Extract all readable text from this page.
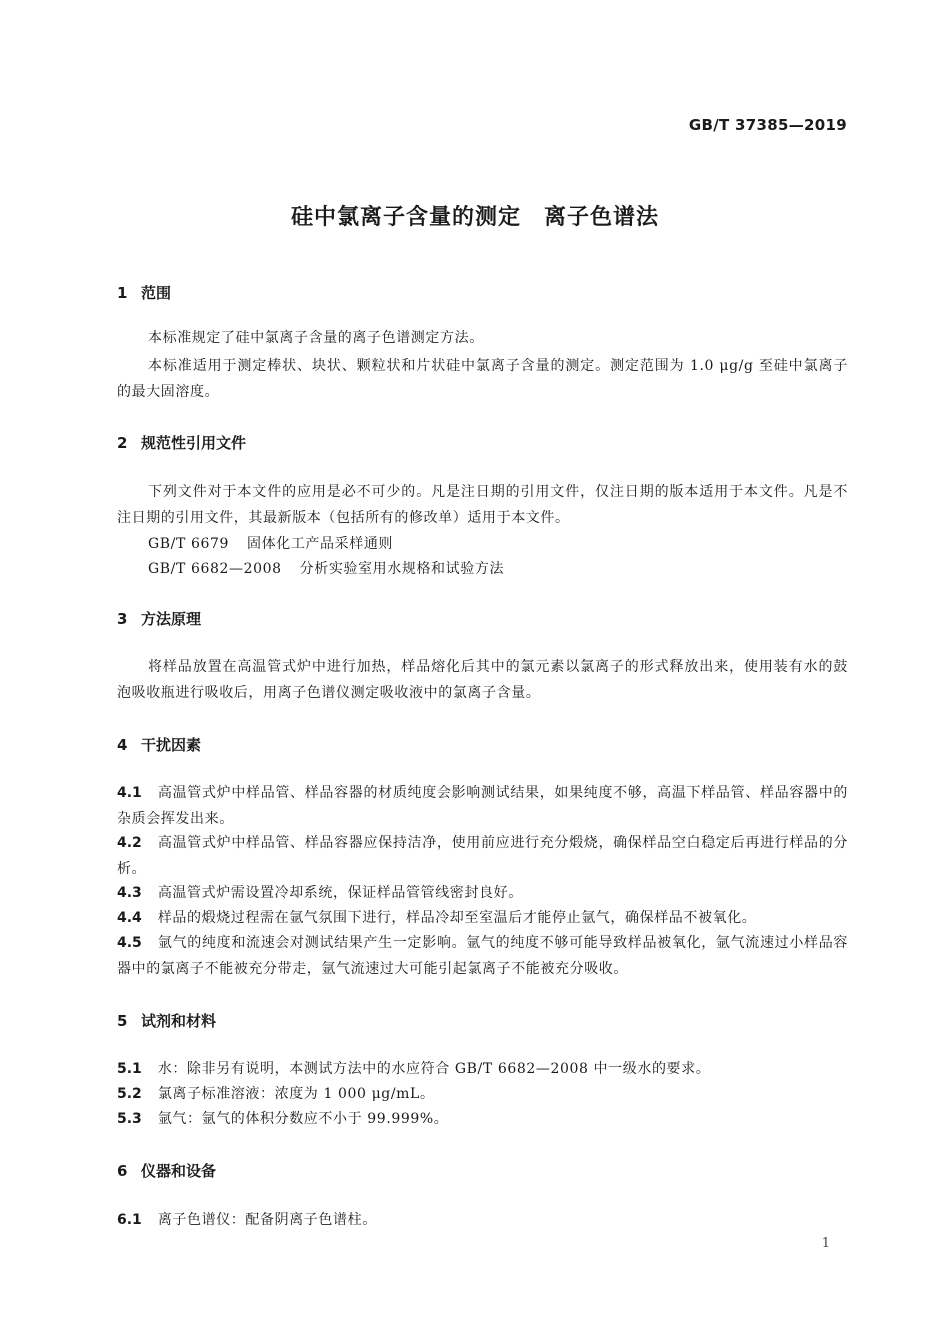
GB/T 37385—2019
硅中氯离子含量的测定　离子色谱法
1 范围
本标准规定了硅中氯离子含量的离子色谱测定方法。
本标准适用于测定棒状、块状、颗粒状和片状硅中氯离子含量的测定。测定范围为 1.0 μg/g 至硅中氯离子的最大固溶度。
2 规范性引用文件
下列文件对于本文件的应用是必不可少的。凡是注日期的引用文件，仅注日期的版本适用于本文件。凡是不注日期的引用文件，其最新版本（包括所有的修改单）适用于本文件。
GB/T 6679 固体化工产品采样通则
GB/T 6682—2008 分析实验室用水规格和试验方法
3 方法原理
将样品放置在高温管式炉中进行加热，样品熔化后其中的氯元素以氯离子的形式释放出来，使用装有水的鼓泡吸收瓶进行吸收后，用离子色谱仪测定吸收液中的氯离子含量。
4 干扰因素
4.1 高温管式炉中样品管、样品容器的材质纯度会影响测试结果，如果纯度不够，高温下样品管、样品容器中的杂质会挥发出来。
4.2 高温管式炉中样品管、样品容器应保持洁净，使用前应进行充分煅烧，确保样品空白稳定后再进行样品的分析。
4.3 高温管式炉需设置冷却系统，保证样品管管线密封良好。
4.4 样品的煅烧过程需在氩气氛围下进行，样品冷却至室温后才能停止氩气，确保样品不被氧化。
4.5 氩气的纯度和流速会对测试结果产生一定影响。氩气的纯度不够可能导致样品被氧化，氩气流速过小样品容器中的氯离子不能被充分带走，氩气流速过大可能引起氯离子不能被充分吸收。
5 试剂和材料
5.1 水：除非另有说明，本测试方法中的水应符合 GB/T 6682—2008 中一级水的要求。
5.2 氯离子标准溶液：浓度为 1 000 μg/mL。
5.3 氩气：氩气的体积分数应不小于 99.999%。
6 仪器和设备
6.1 离子色谱仪：配备阴离子色谱柱。
1
